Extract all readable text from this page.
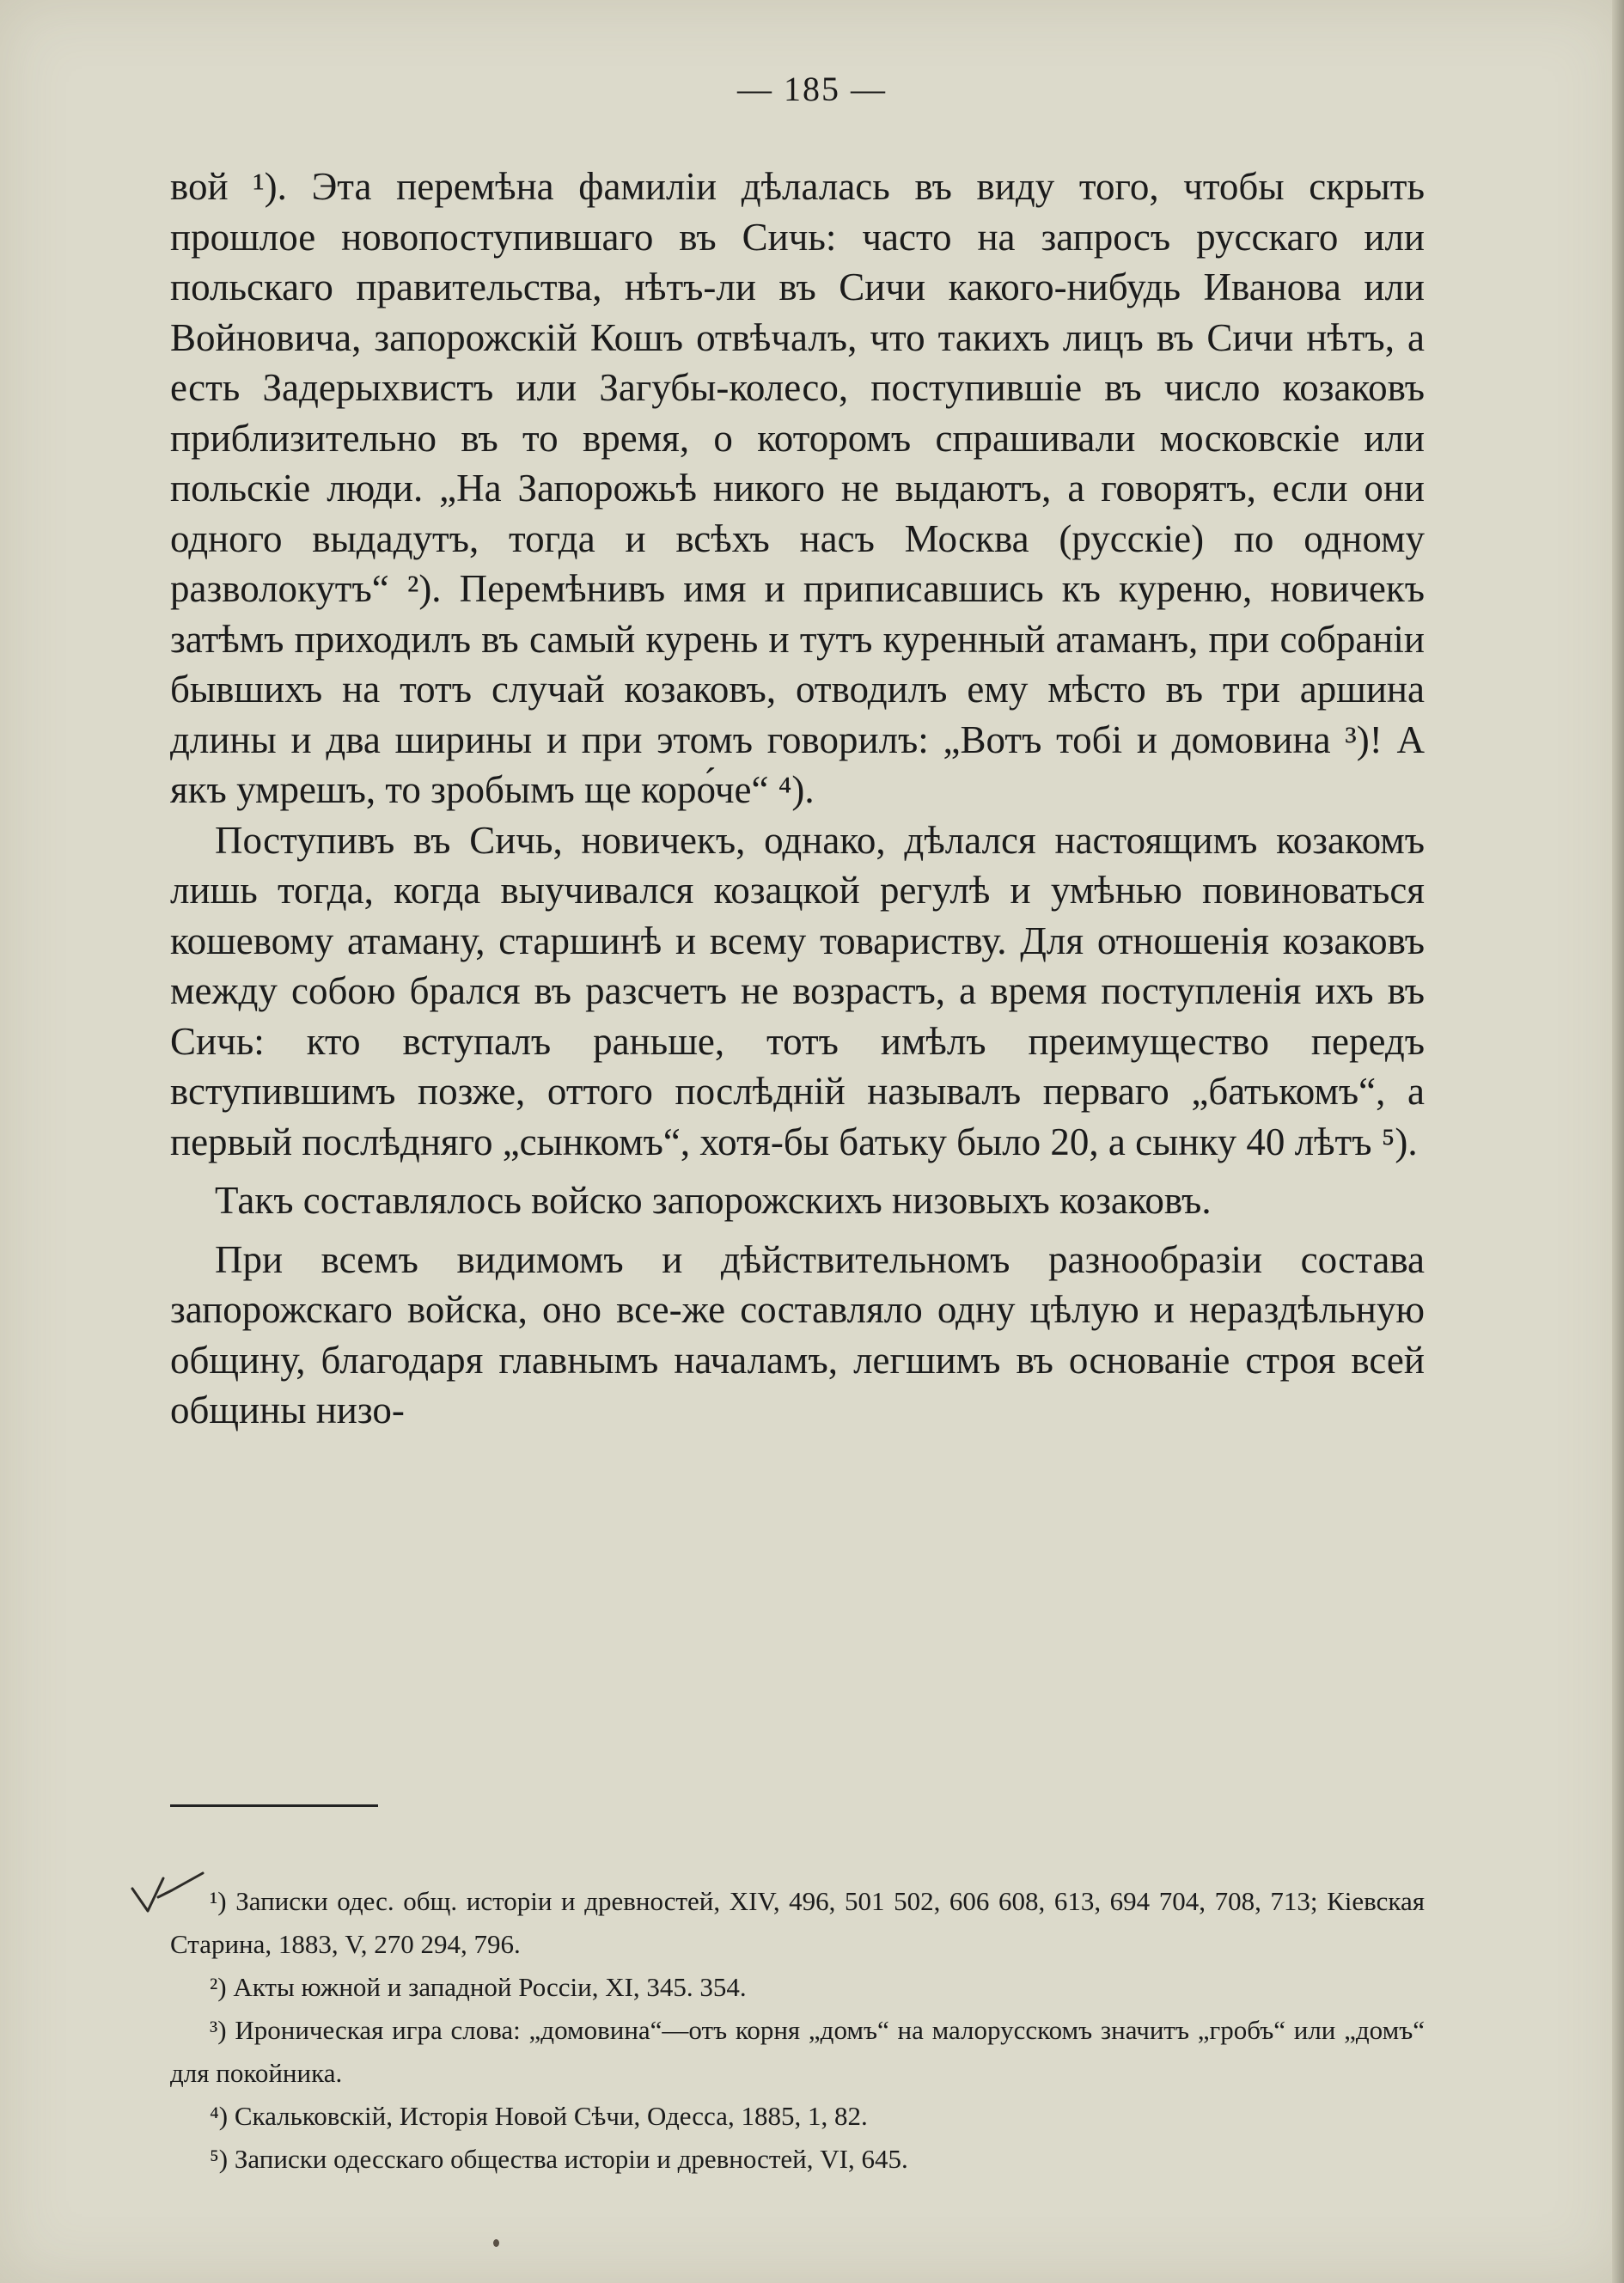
— 185 —

вой ¹). Эта перемѣна фамиліи дѣлалась въ виду того, чтобы скрыть прошлое новопоступившаго въ Сичь: часто на запросъ русскаго или польскаго правительства, нѣтъ-ли въ Сичи какого-нибудь Иванова или Войновича, запорожскій Кошъ отвѣчалъ, что такихъ лицъ въ Сичи нѣтъ, а есть Задерыхвистъ или Загубы-колесо, поступившіе въ число козаковъ приблизительно въ то время, о которомъ спрашивали московскіе или польскіе люди. „На Запорожьѣ никого не выдаютъ, а говорятъ, если они одного выдадутъ, тогда и всѣхъ насъ Москва (русскіе) по одному разволокутъ“ ²). Перемѣнивъ имя и приписавшись къ куреню, новичекъ затѣмъ приходилъ въ самый курень и тутъ куренный атаманъ, при собраніи бывшихъ на тотъ случай козаковъ, отводилъ ему мѣсто въ три аршина длины и два ширины и при этомъ говорилъ: „Вотъ тобі и домовина ³)! А якъ умрешъ, то зробымъ ще коро́че“ ⁴).

Поступивъ въ Сичь, новичекъ, однако, дѣлался настоящимъ козакомъ лишь тогда, когда выучивался козацкой регулѣ и умѣнью повиноваться кошевому атаману, старшинѣ и всему товариству. Для отношенія козаковъ между собою брался въ разсчетъ не возрастъ, а время поступленія ихъ въ Сичь: кто вступалъ раньше, тотъ имѣлъ преимущество передъ вступившимъ позже, оттого послѣдній называлъ перваго „батькомъ“, а первый послѣдняго „сынкомъ“, хотя-бы батьку было 20, а сынку 40 лѣтъ ⁵).

Такъ составлялось войско запорожскихъ низовыхъ козаковъ.

При всемъ видимомъ и дѣйствительномъ разнообразіи состава запорожскаго войска, оно все-же составляло одну цѣлую и нераздѣльную общину, благодаря главнымъ началамъ, легшимъ въ основаніе строя всей общины низо-

¹) Записки одес. общ. исторіи и древностей, XIV, 496, 501 502, 606 608, 613, 694 704, 708, 713; Кіевская Старина, 1883, V, 270 294, 796.

²) Акты южной и западной Россіи, XI, 345. 354.

³) Ироническая игра слова: „домовина“—отъ корня „домъ“ на малорусскомъ значитъ „гробъ“ или „домъ“ для покойника.

⁴) Скальковскій, Исторія Новой Сѣчи, Одесса, 1885, 1, 82.

⁵) Записки одесскаго общества исторіи и древностей, VI, 645.
